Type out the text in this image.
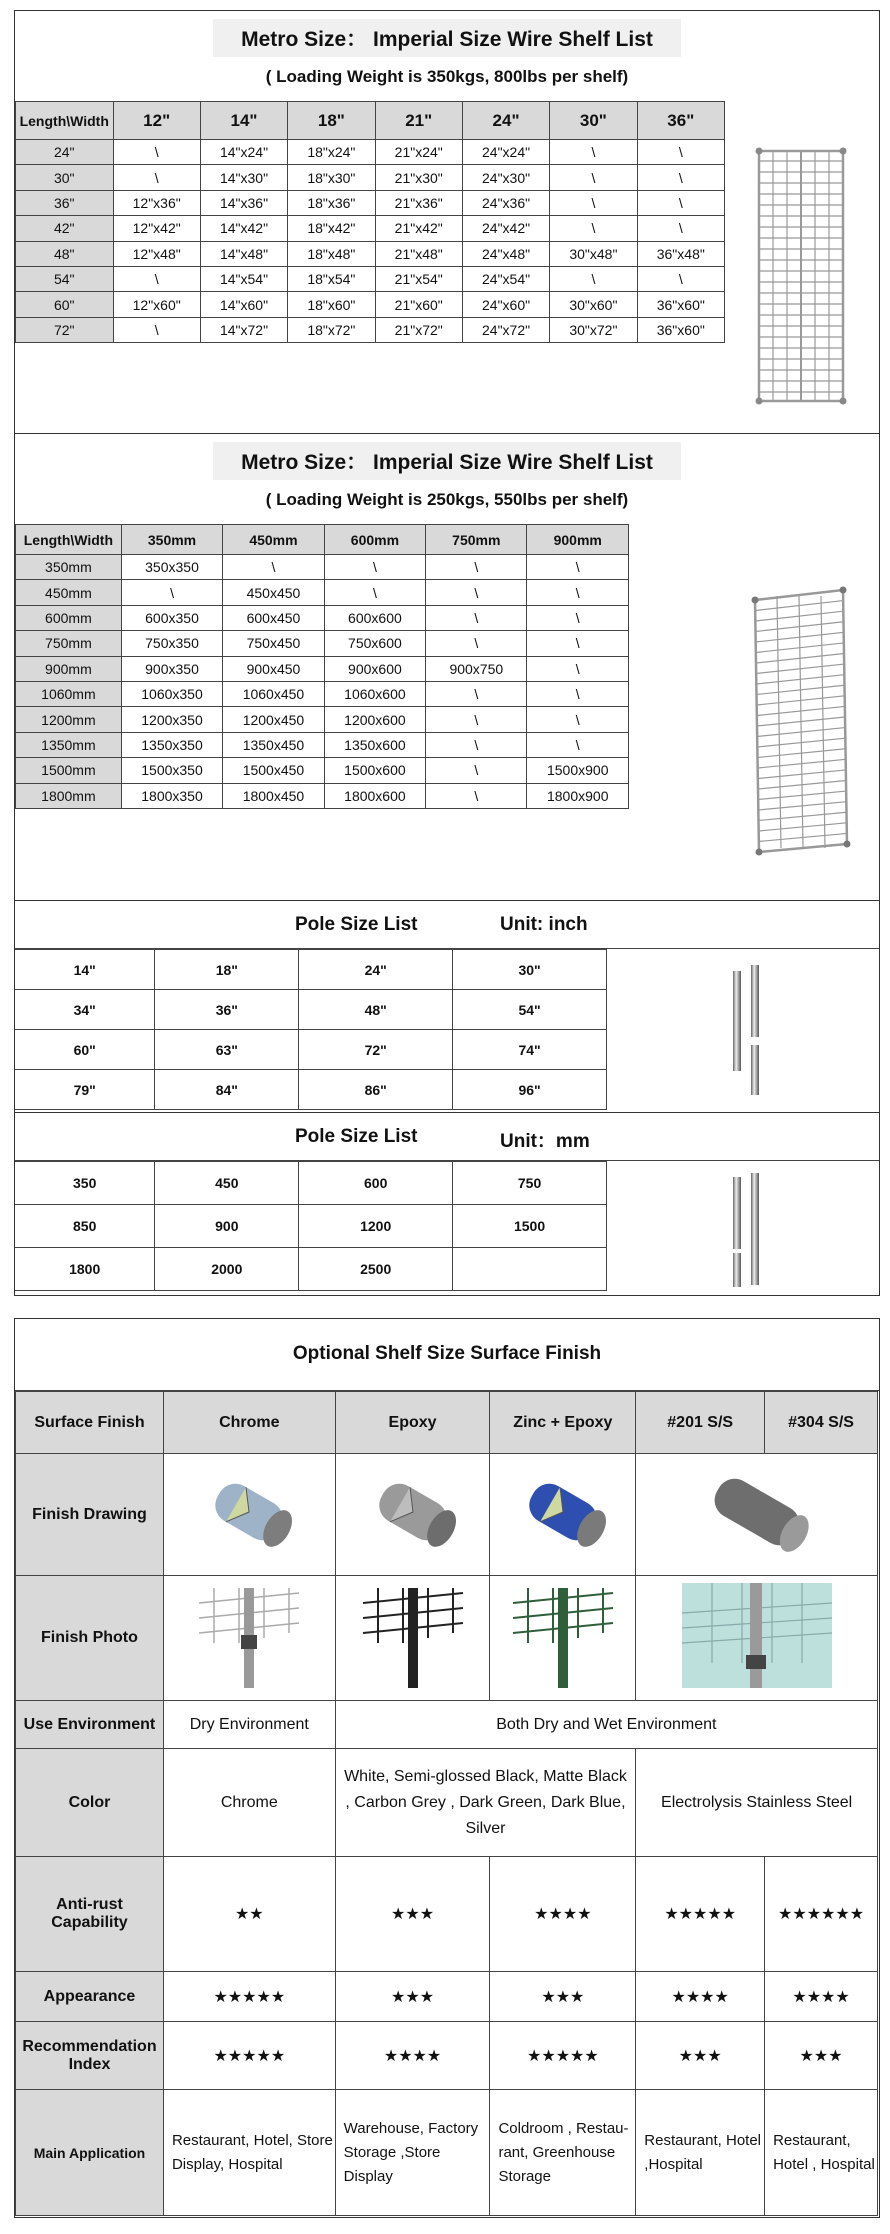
Metro Size： Imperial Size Wire Shelf List
( Loading Weight is 350kgs, 800lbs per shelf)
Length\Width	12"	14"	18"	21"	24"	30"	36"
24"	\	14"x24"	18"x24"	21"x24"	24"x24"	\	\
30"	\	14"x30"	18"x30"	21"x30"	24"x30"	\	\
36"	12"x36"	14"x36"	18"x36"	21"x36"	24"x36"	\	\
42"	12"x42"	14"x42"	18"x42"	21"x42"	24"x42"	\	\
48"	12"x48"	14"x48"	18"x48"	21"x48"	24"x48"	30"x48"	36"x48"
54"	\	14"x54"	18"x54"	21"x54"	24"x54"	\	\
60"	12"x60"	14"x60"	18"x60"	21"x60"	24"x60"	30"x60"	36"x60"
72"	\	14"x72"	18"x72"	21"x72"	24"x72"	30"x72"	36"x60"
Metro Size： Imperial Size Wire Shelf List
( Loading Weight is 250kgs, 550lbs per shelf)
Length\Width	350mm	450mm	600mm	750mm	900mm
350mm	350x350	\	\	\	\
450mm	\	450x450	\	\	\
600mm	600x350	600x450	600x600	\	\
750mm	750x350	750x450	750x600	\	\
900mm	900x350	900x450	900x600	900x750	\
1060mm	1060x350	1060x450	1060x600	\	\
1200mm	1200x350	1200x450	1200x600	\	\
1350mm	1350x350	1350x450	1350x600	\	\
1500mm	1500x350	1500x450	1500x600	\	1500x900
1800mm	1800x350	1800x450	1800x600	\	1800x900
Pole Size List	Unit: inch
14"	18"	24"	30"
34"	36"	48"	54"
60"	63"	72"	74"
79"	84"	86"	96"
Pole Size List	Unit：mm
350	450	600	750
850	900	1200	1500
1800	2000	2500	
Optional Shelf Size Surface Finish
Surface Finish	Chrome	Epoxy	Zinc + Epoxy	#201 S/S	#304 S/S
Finish Drawing				
Finish Photo				
Use Environment	Dry Environment	Both Dry and Wet Environment			
Color	Chrome	White, Semi-glossed Black, Matte Black , Carbon Grey , Dark Green, Dark Blue, Silver		Electrolysis Stainless Steel	
Anti-rust Capability	★★	★★★	★★★★	★★★★★	★★★★★★
Appearance	★★★★★	★★★	★★★	★★★★	★★★★
Recommendation Index	★★★★★	★★★★	★★★★★	★★★	★★★
Main Application	Restaurant, Hotel, Store Display, Hospital	Warehouse, Factory Storage ,Store Display	Coldroom , Restau-rant, Greenhouse Storage	Restaurant, Hotel ,Hospital	Restaurant, Hotel , Hospital
